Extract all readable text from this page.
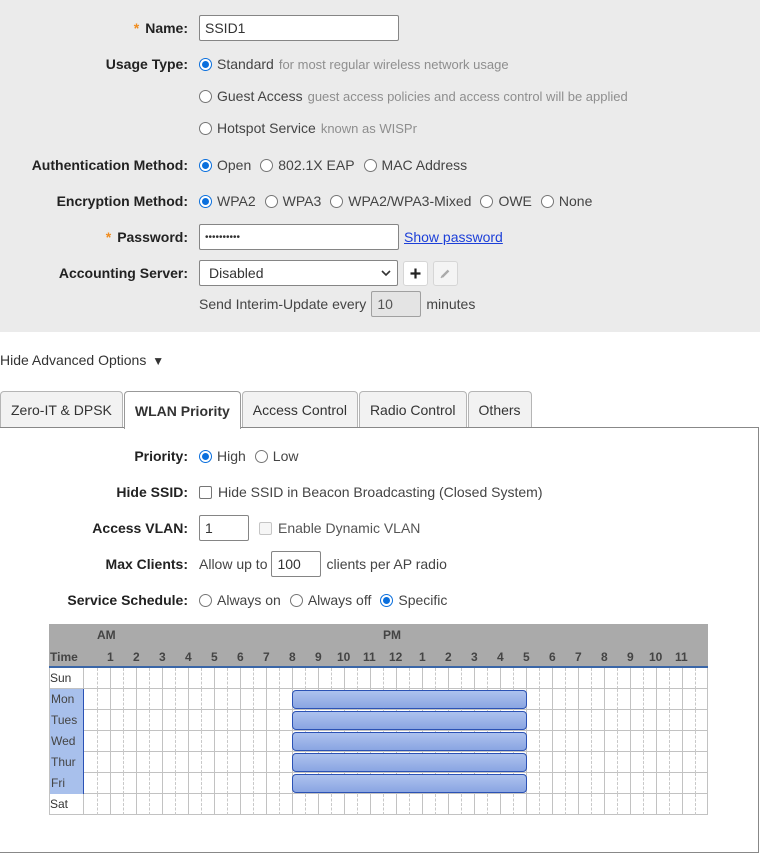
* Name:	SSID1
Usage Type: Standard for most regular wireless network usage
Guest Access guest access policies and access control will be applied
Hotspot Service known as WISPr
Authentication Method: Open 802.1X EAP MAC Address
Encryption Method: WPA2 WPA3 WPA2/WPA3-Mixed OWE None
* Password:	••••••••••	Show password
Accounting Server: Disabled
Send Interim-Update every 10	minutes
Hide Advanced Options ▼
Zero-IT & DPSK	WLAN Priority	Access Control	Radio Control	Others
Priority: High Low
Hide SSID: Hide SSID in Beacon Broadcasting (Closed System)
Access VLAN:	1	Enable Dynamic VLAN
Max Clients: Allow up to 100	clients per AP radio
Service Schedule: Always on Always off Specific
AM	PM
Time 1 2 3 4 5 6 7 8 9 10 11 12 1 2 3 4 5 6 7 8 9 10 11
Sun
Mon
Tues
Wed
Thur
Fri
Sat
